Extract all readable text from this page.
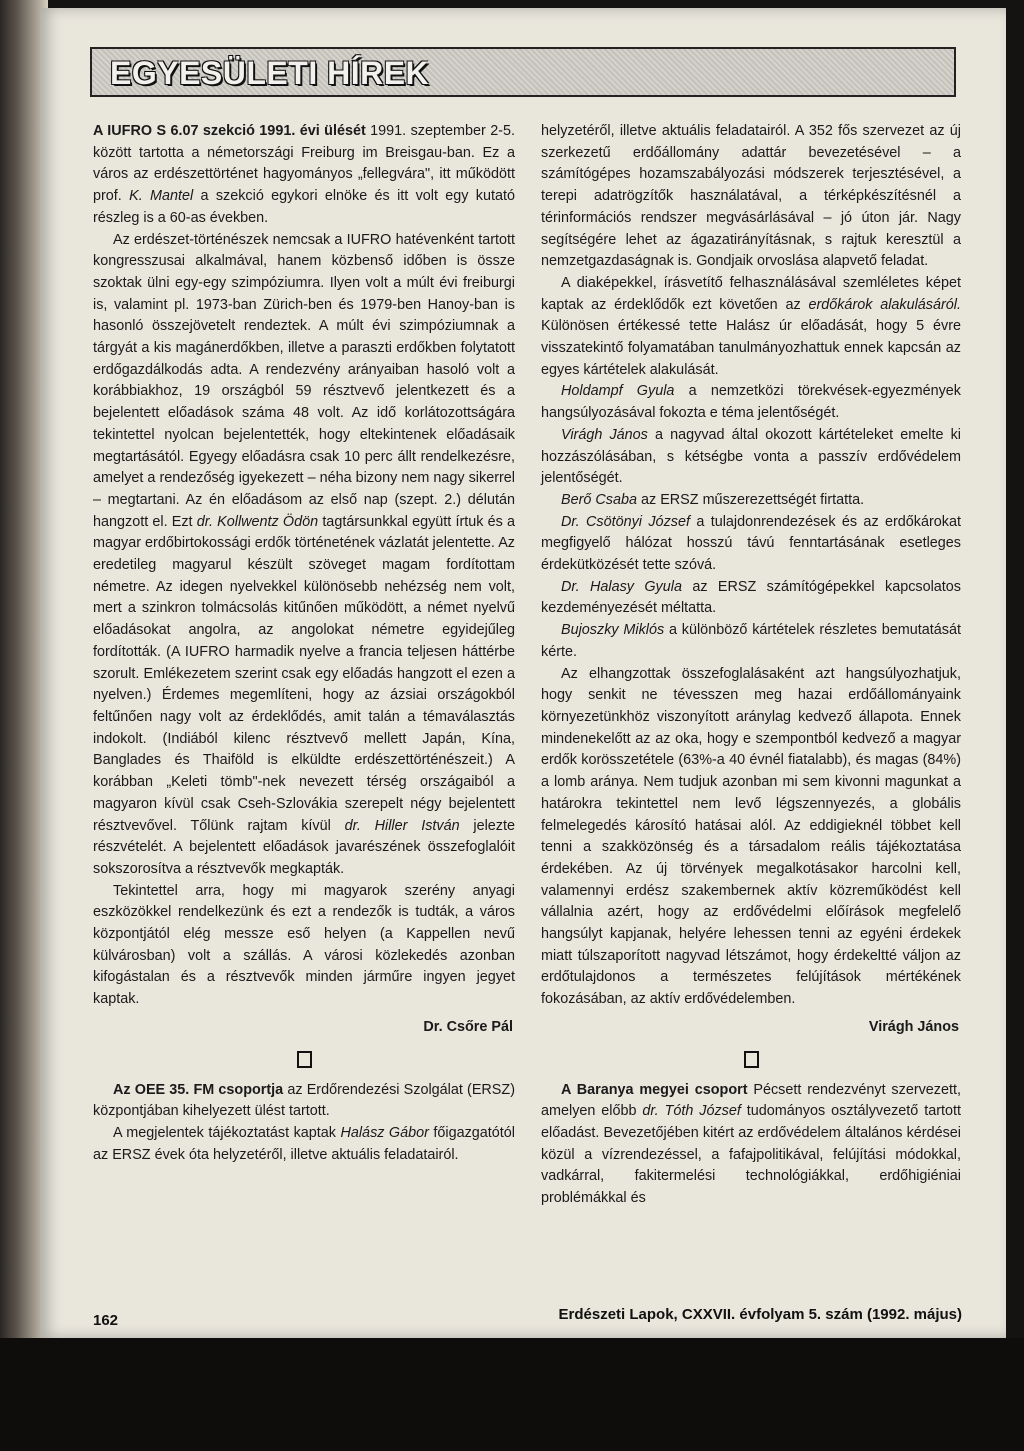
EGYESÜLETI HÍREK

A IUFRO S 6.07 szekció 1991. évi ülését 1991. szeptember 2-5. között tartotta a németországi Freiburg im Breisgau-ban. Ez a város az erdészettörténet hagyományos „fellegvára", itt működött prof. K. Mantel a szekció egykori elnöke és itt volt egy kutató részleg is a 60-as években.

Az erdészet-történészek nemcsak a IUFRO hatévenként tartott kongresszusai alkalmával, hanem közbenső időben is össze szoktak ülni egy-egy szimpóziumra. Ilyen volt a múlt évi freiburgi is, valamint pl. 1973-ban Zürich-ben és 1979-ben Hanoy-ban is hasonló összejövetelt rendeztek. A múlt évi szimpóziumnak a tárgyát a kis magánerdőkben, illetve a paraszti erdőkben folytatott erdőgazdálkodás adta. A rendezvény arányaiban hasoló volt a korábbiakhoz, 19 országból 59 résztvevő jelentkezett és a bejelentett előadások száma 48 volt. Az idő korlátozottságára tekintettel nyolcan bejelentették, hogy eltekintenek előadásaik megtartásától. Egyegy előadásra csak 10 perc állt rendelkezésre, amelyet a rendezőség igyekezett – néha bizony nem nagy sikerrel – megtartani. Az én előadásom az első nap (szept. 2.) délután hangzott el. Ezt dr. Kollwentz Ödön tagtársunkkal együtt írtuk és a magyar erdőbirtokossági erdők történetének vázlatát jelentette. Az eredetileg magyarul készült szöveget magam fordítottam németre. Az idegen nyelvekkel különösebb nehézség nem volt, mert a szinkron tolmácsolás kitűnően működött, a német nyelvű előadásokat angolra, az angolokat németre egyidejűleg fordították. (A IUFRO harmadik nyelve a francia teljesen háttérbe szorult. Emlékezetem szerint csak egy előadás hangzott el ezen a nyelven.) Érdemes megemlíteni, hogy az ázsiai országokból feltűnően nagy volt az érdeklődés, amit talán a témaválasztás indokolt. (Indiából kilenc résztvevő mellett Japán, Kína, Banglades és Thaiföld is elküldte erdészettörténészeit.) A korábban „Keleti tömb"-nek nevezett térség országaiból a magyaron kívül csak Cseh-Szlovákia szerepelt négy bejelentett résztvevővel. Tőlünk rajtam kívül dr. Hiller István jelezte részvételét. A bejelentett előadások javarészének összefoglalóit sokszorosítva a résztvevők megkapták.

Tekintettel arra, hogy mi magyarok szerény anyagi eszközökkel rendelkezünk és ezt a rendezők is tudták, a város központjától elég messze eső helyen (a Kappellen nevű külvárosban) volt a szállás. A városi közlekedés azonban kifogástalan és a résztvevők minden járműre ingyen jegyet kaptak.

Dr. Csőre Pál

Az OEE 35. FM csoportja az Erdőrendezési Szolgálat (ERSZ) központjában kihelyezett ülést tartott.

A megjelentek tájékoztatást kaptak Halász Gábor főigazgatótól az ERSZ évek óta helyzetéről, illetve aktuális feladatairól.

helyzetéről, illetve aktuális feladatairól. A 352 fős szervezet az új szerkezetű erdőállomány adattár bevezetésével – a számítógépes hozamszabályozási módszerek terjesztésével, a terepi adatrögzítők használatával, a térképkészítésnél a térinformációs rendszer megvásárlásával – jó úton jár. Nagy segítségére lehet az ágazatirányításnak, s rajtuk keresztül a nemzetgazdaságnak is. Gondjaik orvoslása alapvető feladat.

A diaképekkel, írásvetítő felhasználásával szemléletes képet kaptak az érdeklődők ezt követően az erdőkárok alakulásáról. Különösen értékessé tette Halász úr előadását, hogy 5 évre visszatekintő folyamatában tanulmányozhattuk ennek kapcsán az egyes kártételek alakulását.

Holdampf Gyula a nemzetközi törekvések-egyezmények hangsúlyozásával fokozta e téma jelentőségét.

Virágh János a nagyvad által okozott kártételeket emelte ki hozzászólásában, s kétségbe vonta a passzív erdővédelem jelentőségét.

Berő Csaba az ERSZ műszerezettségét firtatta.

Dr. Csötönyi József a tulajdonrendezések és az erdőkárokat megfigyelő hálózat hosszú távú fenntartásának esetleges érdekütközését tette szóvá.

Dr. Halasy Gyula az ERSZ számítógépekkel kapcsolatos kezdeményezését méltatta.

Bujoszky Miklós a különböző kártételek részletes bemutatását kérte.

Az elhangzottak összefoglalásaként azt hangsúlyozhatjuk, hogy senkit ne tévesszen meg hazai erdőállományaink környezetünkhöz viszonyított aránylag kedvező állapota. Ennek mindenekelőtt az az oka, hogy e szempontból kedvező a magyar erdők korösszetétele (63%-a 40 évnél fiatalabb), és magas (84%) a lomb aránya. Nem tudjuk azonban mi sem kivonni magunkat a határokra tekintettel nem levő légszennyezés, a globális felmelegedés károsító hatásai alól. Az eddigieknél többet kell tenni a szakközönség és a társadalom reális tájékoztatása érdekében. Az új törvények megalkotásakor harcolni kell, valamennyi erdész szakembernek aktív közreműködést kell vállalnia azért, hogy az erdővédelmi előírások megfelelő hangsúlyt kapjanak, helyére lehessen tenni az egyéni érdekek miatt túlszaporított nagyvad létszámot, hogy érdekeltté váljon az erdőtulajdonos a természetes felújítások mértékének fokozásában, az aktív erdővédelemben.

Virágh János

A Baranya megyei csoport Pécsett rendezvényt szervezett, amelyen előbb dr. Tóth József tudományos osztályvezető tartott előadást. Bevezetőjében kitért az erdővédelem általános kérdései közül a vízrendezéssel, a fafajpolitikával, felújítási módokkal, vadkárral, fakitermelési technológiákkal, erdőhigiéniai problémákkal és

162	Erdészeti Lapok, CXXVII. évfolyam 5. szám (1992. május)
